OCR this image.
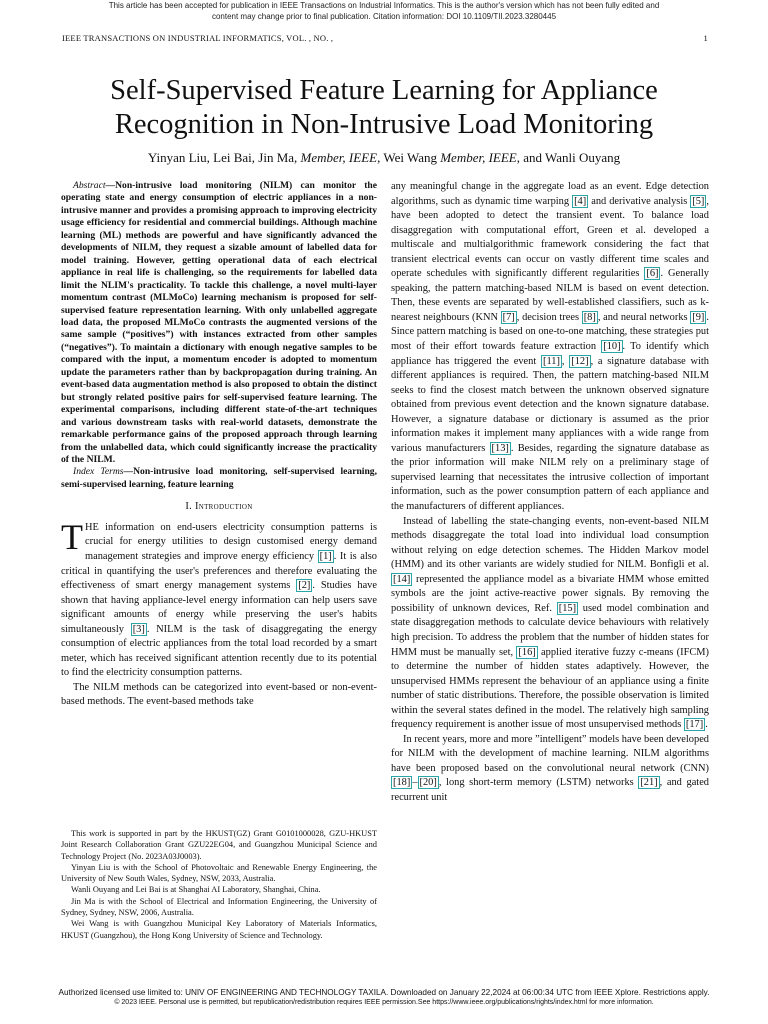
This article has been accepted for publication in IEEE Transactions on Industrial Informatics. This is the author's version which has not been fully edited and
content may change prior to final publication. Citation information: DOI 10.1109/TII.2023.3280445
IEEE TRANSACTIONS ON INDUSTRIAL INFORMATICS, VOL. , NO. ,	1
Self-Supervised Feature Learning for Appliance
Recognition in Non-Intrusive Load Monitoring
Yinyan Liu, Lei Bai, Jin Ma, Member, IEEE, Wei Wang Member, IEEE, and Wanli Ouyang

Abstract—Non-intrusive load monitoring (NILM) can monitor the operating state and energy consumption of electric appliances in a non-intrusive manner and provides a promising approach to improving electricity usage efficiency for residential and commercial buildings. Although machine learning (ML) methods are powerful and have significantly advanced the developments of NILM, they request a sizable amount of labelled data for model training. However, getting operational data of each electrical appliance in real life is challenging, so the requirements for labelled data limit the NLIM's practicality. To tackle this challenge, a novel multi-layer momentum contrast (MLMoCo) learning mechanism is proposed for self-supervised feature representation learning. With only unlabelled aggregate load data, the proposed MLMoCo contrasts the augmented versions of the same sample (“positives”) with instances extracted from other samples (“negatives”). To maintain a dictionary with enough negative samples to be compared with the input, a momentum encoder is adopted to momentum update the parameters rather than by backpropagation during training. An event-based data augmentation method is also proposed to obtain the distinct but strongly related positive pairs for self-supervised feature learning. The experimental comparisons, including different state-of-the-art techniques and various downstream tasks with real-world datasets, demonstrate the remarkable performance gains of the proposed approach through learning from the unlabelled data, which could significantly increase the practicality of the NILM.

Index Terms—Non-intrusive load monitoring, self-supervised learning, semi-supervised learning, feature learning

I. Introduction

THE information on end-users electricity consumption patterns is crucial for energy utilities to design customised energy demand management strategies and improve energy efficiency [1] . It is also critical in quantifying the user's preferences and therefore evaluating the effectiveness of smart energy management systems [2] . Studies have shown that having appliance-level energy information can help users save significant amounts of energy while preserving the user's habits simultaneously [3] . NILM is the task of disaggregating the energy consumption of electric appliances from the total load recorded by a smart meter, which has received significant attention recently due to its potential to find the electricity consumption patterns.

The NILM methods can be categorized into event-based or non-event-based methods. The event-based methods take

This work is supported in part by the HKUST(GZ) Grant G0101000028, GZU-HKUST Joint Research Collaboration Grant GZU22EG04, and Guangzhou Municipal Science and Technology Project (No. 2023A03J0003).

Yinyan Liu is with the School of Photovoltaic and Renewable Energy Engineering, the University of New South Wales, Sydney, NSW, 2033, Australia.

Wanli Ouyang and Lei Bai is at Shanghai AI Laboratory, Shanghai, China.

Jin Ma is with the School of Electrical and Information Engineering, the University of Sydney, Sydney, NSW, 2006, Australia.

Wei Wang is with Guangzhou Municipal Key Laboratory of Materials Informatics, HKUST (Guangzhou), the Hong Kong University of Science and Technology.

any meaningful change in the aggregate load as an event. Edge detection algorithms, such as dynamic time warping [4] and derivative analysis [5] , have been adopted to detect the transient event. To balance load disaggregation with computational effort, Green et al. developed a multiscale and multialgorithmic framework considering the fact that transient electrical events can occur on vastly different time scales and operate schedules with significantly different regularities [6] . Generally speaking, the pattern matching-based NILM is based on event detection. Then, these events are separated by well-established classifiers, such as k-nearest neighbours (KNN [7] , decision trees [8] , and neural networks [9] . Since pattern matching is based on one-to-one matching, these strategies put most of their effort towards feature extraction [10] . To identify which appliance has triggered the event [11] , [12] , a signature database with different appliances is required. Then, the pattern matching-based NILM seeks to find the closest match between the unknown observed signature obtained from previous event detection and the known signature database. However, a signature database or dictionary is assumed as the prior information makes it implement many appliances with a wide range from various manufacturers [13] . Besides, regarding the signature database as the prior information will make NILM rely on a preliminary stage of supervised learning that necessitates the intrusive collection of important information, such as the power consumption pattern of each appliance and the manufacturers of different appliances.

Instead of labelling the state-changing events, non-event-based NILM methods disaggregate the total load into individual load consumption without relying on edge detection schemes. The Hidden Markov model (HMM) and its other variants are widely studied for NILM. Bonfigli et al. [14] represented the appliance model as a bivariate HMM whose emitted symbols are the joint active-reactive power signals. By removing the possibility of unknown devices, Ref. [15] used model combination and state disaggregation methods to calculate device behaviours with relatively high precision. To address the problem that the number of hidden states for HMM must be manually set, [16] applied iterative fuzzy c-means (IFCM) to determine the number of hidden states adaptively. However, the unsupervised HMMs represent the behaviour of an appliance using a finite number of static distributions. Therefore, the possible observation is limited within the several states defined in the model. The relatively high sampling frequency requirement is another issue of most unsupervised methods [17] .

In recent years, more and more ”intelligent” models have been developed for NILM with the development of machine learning. NILM algorithms have been proposed based on the convolutional neural network (CNN) [18] – [20] , long short-term memory (LSTM) networks [21] , and gated recurrent unit

Authorized licensed use limited to: UNIV OF ENGINEERING AND TECHNOLOGY TAXILA. Downloaded on January 22,2024 at 06:00:34 UTC from IEEE Xplore. Restrictions apply.
© 2023 IEEE. Personal use is permitted, but republication/redistribution requires IEEE permission.See https://www.ieee.org/publications/rights/index.html for more information.
